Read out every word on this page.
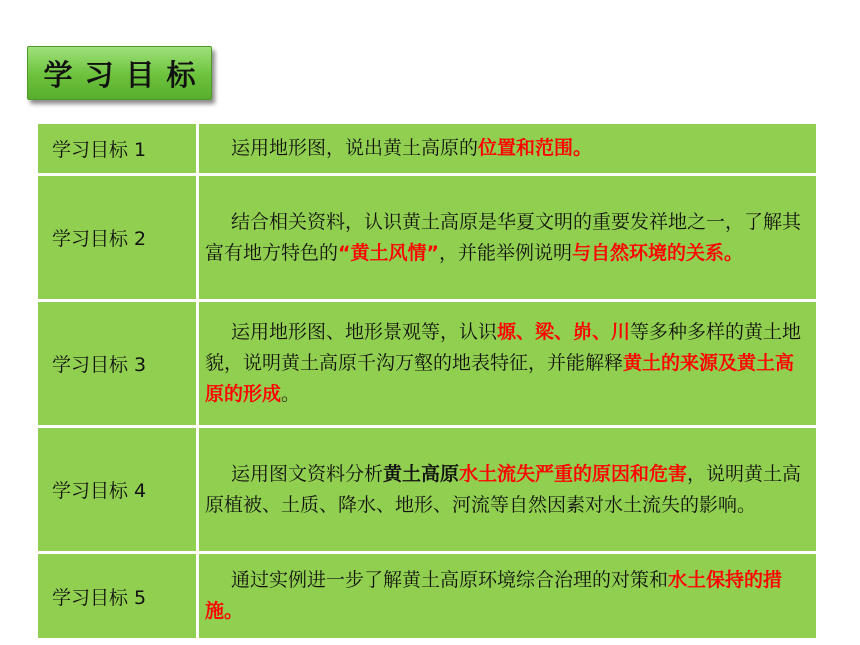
学习目标
学习目标 1	运用地形图，说出黄土高原的位置和范围。
学习目标 2	结合相关资料，认识黄土高原是华夏文明的重要发祥地之一，了解其富有地方特色的“黄土风情”，并能举例说明与自然环境的关系。
学习目标 3	运用地形图、地形景观等，认识塬、梁、峁、川等多种多样的黄土地貌，说明黄土高原千沟万壑的地表特征，并能解释黄土的来源及黄土高原的形成。
学习目标 4	运用图文资料分析黄土高原水土流失严重的原因和危害，说明黄土高原植被、土质、降水、地形、河流等自然因素对水土流失的影响。
学习目标 5	通过实例进一步了解黄土高原环境综合治理的对策和水土保持的措施。
